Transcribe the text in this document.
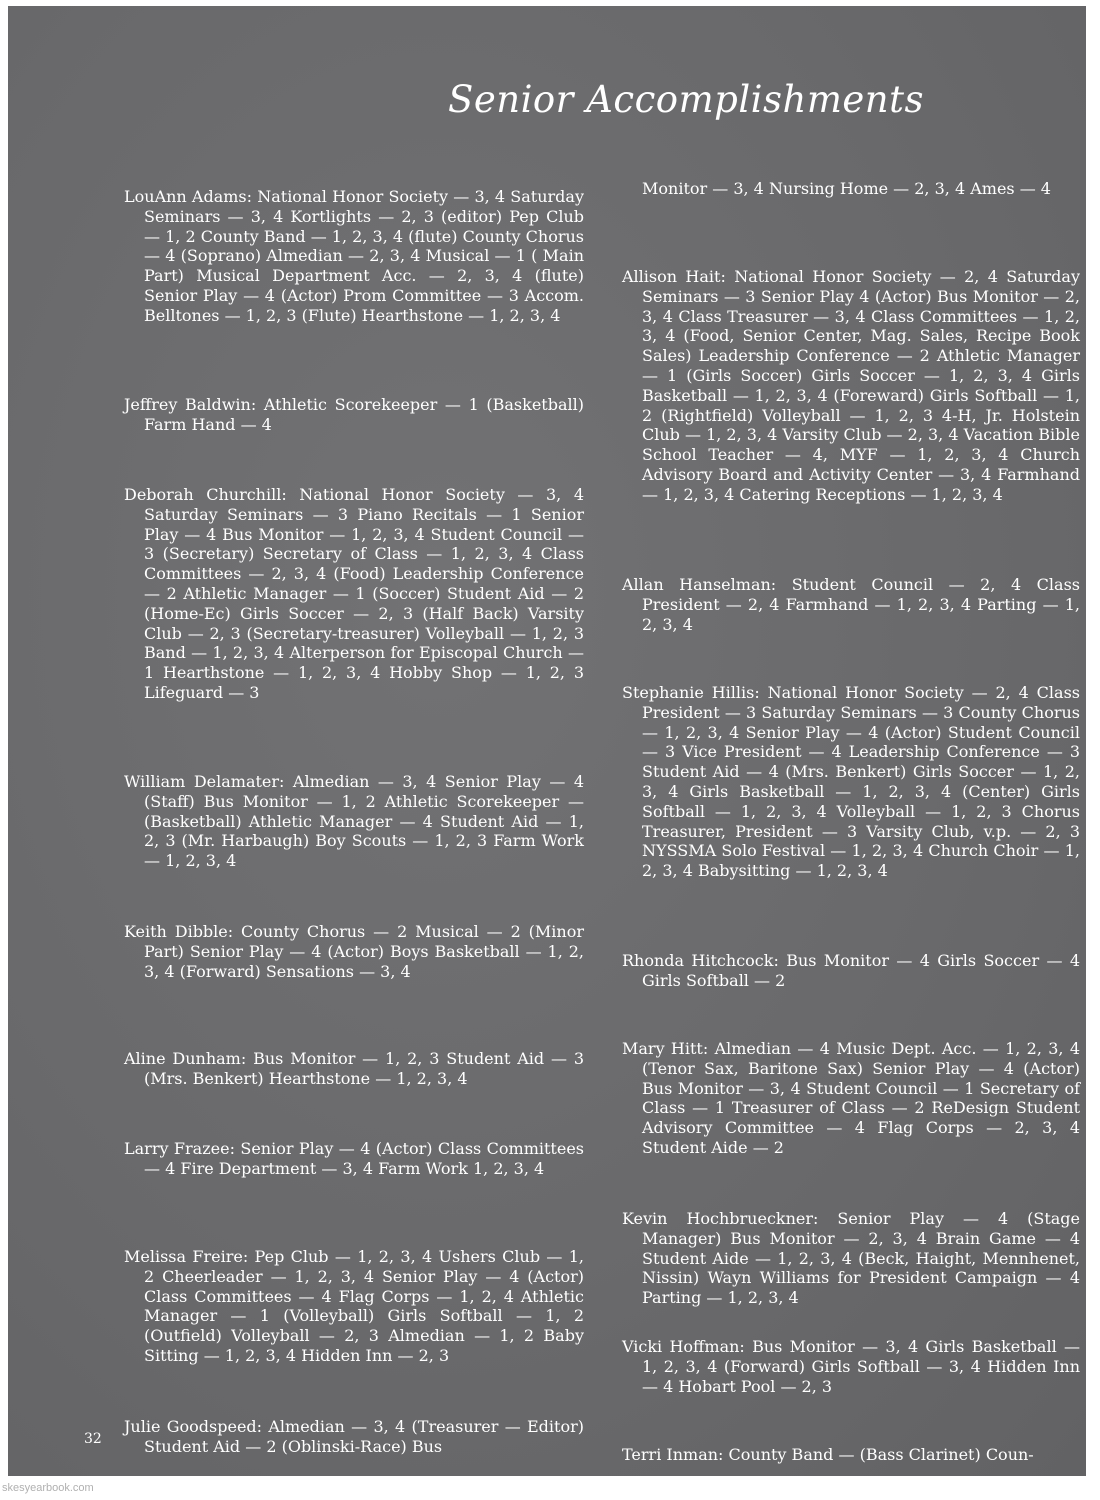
Senior Accomplishments

LouAnn Adams: National Honor Society — 3, 4 Saturday Seminars — 3, 4 Kortlights — 2, 3 (editor) Pep Club — 1, 2 County Band — 1, 2, 3, 4 (flute) County Chorus — 4 (Soprano) Almedian — 2, 3, 4 Musical — 1 ( Main Part) Musical Department Acc. — 2, 3, 4 (flute) Senior Play — 4 (Actor) Prom Committee — 3 Accom. Belltones — 1, 2, 3 (Flute) Hearthstone — 1, 2, 3, 4

Jeffrey Baldwin: Athletic Scorekeeper — 1 (Basketball) Farm Hand — 4

Deborah Churchill: National Honor Society — 3, 4 Saturday Seminars — 3 Piano Recitals — 1 Senior Play — 4 Bus Monitor — 1, 2, 3, 4 Student Council — 3 (Secretary) Secretary of Class — 1, 2, 3, 4 Class Committees — 2, 3, 4 (Food) Leadership Conference — 2 Athletic Manager — 1 (Soccer) Student Aid — 2 (Home-Ec) Girls Soccer — 2, 3 (Half Back) Varsity Club — 2, 3 (Secretary-treasurer) Volleyball — 1, 2, 3 Band — 1, 2, 3, 4 Alterperson for Episcopal Church — 1 Hearthstone — 1, 2, 3, 4 Hobby Shop — 1, 2, 3 Lifeguard — 3

William Delamater: Almedian — 3, 4 Senior Play — 4 (Staff) Bus Monitor — 1, 2 Athletic Scorekeeper — (Basketball) Athletic Manager — 4 Student Aid — 1, 2, 3 (Mr. Harbaugh) Boy Scouts — 1, 2, 3 Farm Work — 1, 2, 3, 4

Keith Dibble: County Chorus — 2 Musical — 2 (Minor Part) Senior Play — 4 (Actor) Boys Basketball — 1, 2, 3, 4 (Forward) Sensations — 3, 4

Aline Dunham: Bus Monitor — 1, 2, 3 Student Aid — 3 (Mrs. Benkert) Hearthstone — 1, 2, 3, 4

Larry Frazee: Senior Play — 4 (Actor) Class Committees — 4 Fire Department — 3, 4 Farm Work 1, 2, 3, 4

Melissa Freire: Pep Club — 1, 2, 3, 4 Ushers Club — 1, 2 Cheerleader — 1, 2, 3, 4 Senior Play — 4 (Actor) Class Committees — 4 Flag Corps — 1, 2, 4 Athletic Manager — 1 (Volleyball) Girls Softball — 1, 2 (Outfield) Volleyball — 2, 3 Almedian — 1, 2 Baby Sitting — 1, 2, 3, 4 Hidden Inn — 2, 3

Julie Goodspeed: Almedian — 3, 4 (Treasurer — Editor) Student Aid — 2 (Oblinski-Race) Bus

Monitor — 3, 4 Nursing Home — 2, 3, 4 Ames — 4

Allison Hait: National Honor Society — 2, 4 Saturday Seminars — 3 Senior Play 4 (Actor) Bus Monitor — 2, 3, 4 Class Treasurer — 3, 4 Class Committees — 1, 2, 3, 4 (Food, Senior Center, Mag. Sales, Recipe Book Sales) Leadership Conference — 2 Athletic Manager — 1 (Girls Soccer) Girls Soccer — 1, 2, 3, 4 Girls Basketball — 1, 2, 3, 4 (Foreward) Girls Softball — 1, 2 (Rightfield) Volleyball — 1, 2, 3 4-H, Jr. Holstein Club — 1, 2, 3, 4 Varsity Club — 2, 3, 4 Vacation Bible School Teacher — 4, MYF — 1, 2, 3, 4 Church Advisory Board and Activity Center — 3, 4 Farmhand — 1, 2, 3, 4 Catering Receptions — 1, 2, 3, 4

Allan Hanselman: Student Council — 2, 4 Class President — 2, 4 Farmhand — 1, 2, 3, 4 Parting — 1, 2, 3, 4

Stephanie Hillis: National Honor Society — 2, 4 Class President — 3 Saturday Seminars — 3 County Chorus — 1, 2, 3, 4 Senior Play — 4 (Actor) Student Council — 3 Vice President — 4 Leadership Conference — 3 Student Aid — 4 (Mrs. Benkert) Girls Soccer — 1, 2, 3, 4 Girls Basketball — 1, 2, 3, 4 (Center) Girls Softball — 1, 2, 3, 4 Volleyball — 1, 2, 3 Chorus Treasurer, President — 3 Varsity Club, v.p. — 2, 3 NYSSMA Solo Festival — 1, 2, 3, 4 Church Choir — 1, 2, 3, 4 Babysitting — 1, 2, 3, 4

Rhonda Hitchcock: Bus Monitor — 4 Girls Soccer — 4 Girls Softball — 2

Mary Hitt: Almedian — 4 Music Dept. Acc. — 1, 2, 3, 4 (Tenor Sax, Baritone Sax) Senior Play — 4 (Actor) Bus Monitor — 3, 4 Student Council — 1 Secretary of Class — 1 Treasurer of Class — 2 ReDesign Student Advisory Committee — 4 Flag Corps — 2, 3, 4 Student Aide — 2

Kevin Hochbrueckner: Senior Play — 4 (Stage Manager) Bus Monitor — 2, 3, 4 Brain Game — 4 Student Aide — 1, 2, 3, 4 (Beck, Haight, Mennhenet, Nissin) Wayn Williams for President Campaign — 4 Parting — 1, 2, 3, 4

Vicki Hoffman: Bus Monitor — 3, 4 Girls Basketball — 1, 2, 3, 4 (Forward) Girls Softball — 3, 4 Hidden Inn — 4 Hobart Pool — 2, 3

Terri Inman: County Band — (Bass Clarinet) Coun-

32
skesyearbook.com
